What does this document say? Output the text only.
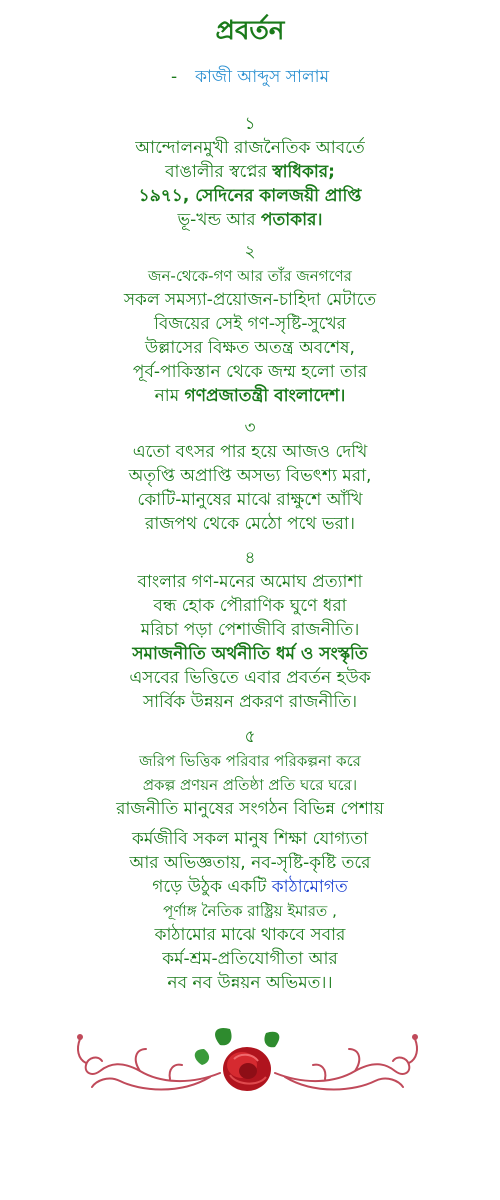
প্রবর্তন
- কাজী আব্দুস সালাম
১
আন্দোলনমুখী রাজনৈতিক আবর্তে
বাঙালীর স্বপ্নের স্বাধিকার;
১৯৭১, সেদিনের কালজয়ী প্রাপ্তি
ভূ-খন্ড আর পতাকার।
২
জন-থেকে-গণ আর তাঁর জনগণের
সকল সমস্যা-প্রয়োজন-চাহিদা মেটাতে
বিজয়ের সেই গণ-সৃষ্টি-সুখের
উল্লাসের বিক্ষত অতন্ত্র অবশেষ,
পূর্ব-পাকিস্তান থেকে জম্ম হলো তার
নাম গণপ্রজাতন্ত্রী বাংলাদেশ।
৩
এতো বৎসর পার হয়ে আজও দেখি
অতৃপ্তি অপ্রাপ্তি অসভ্য বিভৎশ্য মরা,
কোটি-মানুষের মাঝে রাক্ষুশে আঁখি
রাজপথ থেকে মেঠো পথে ভরা।
৪
বাংলার গণ-মনের অমোঘ প্রত্যাশা
বন্ধ হোক পৌরাণিক ঘুণে ধরা
মরিচা পড়া পেশাজীবি রাজনীতি।
সমাজনীতি অর্থনীতি ধর্ম ও সংস্কৃতি
এসবের ভিত্তিতে এবার প্রবর্তন হউক
সার্বিক উন্নয়ন প্রকরণ রাজনীতি।
৫
জরিপ ভিত্তিক পরিবার পরিকল্পনা করে
প্রকল্প প্রণয়ন প্রতিষ্ঠা প্রতি ঘরে ঘরে।
রাজনীতি মানুষের সংগঠন বিভিন্ন পেশায়
কর্মজীবি সকল মানুষ শিক্ষা যোগ্যতা
আর অভিজ্ঞতায়, নব-সৃষ্টি-কৃষ্টি তরে
গড়ে উঠুক একটি কাঠামোগত
পূর্ণাঙ্গ নৈতিক রাষ্ট্রিয় ইমারত ,
কাঠামোর মাঝে থাকবে সবার
কর্ম-শ্রম-প্রতিযোগীতা আর
নব নব উন্নয়ন অভিমত।।
